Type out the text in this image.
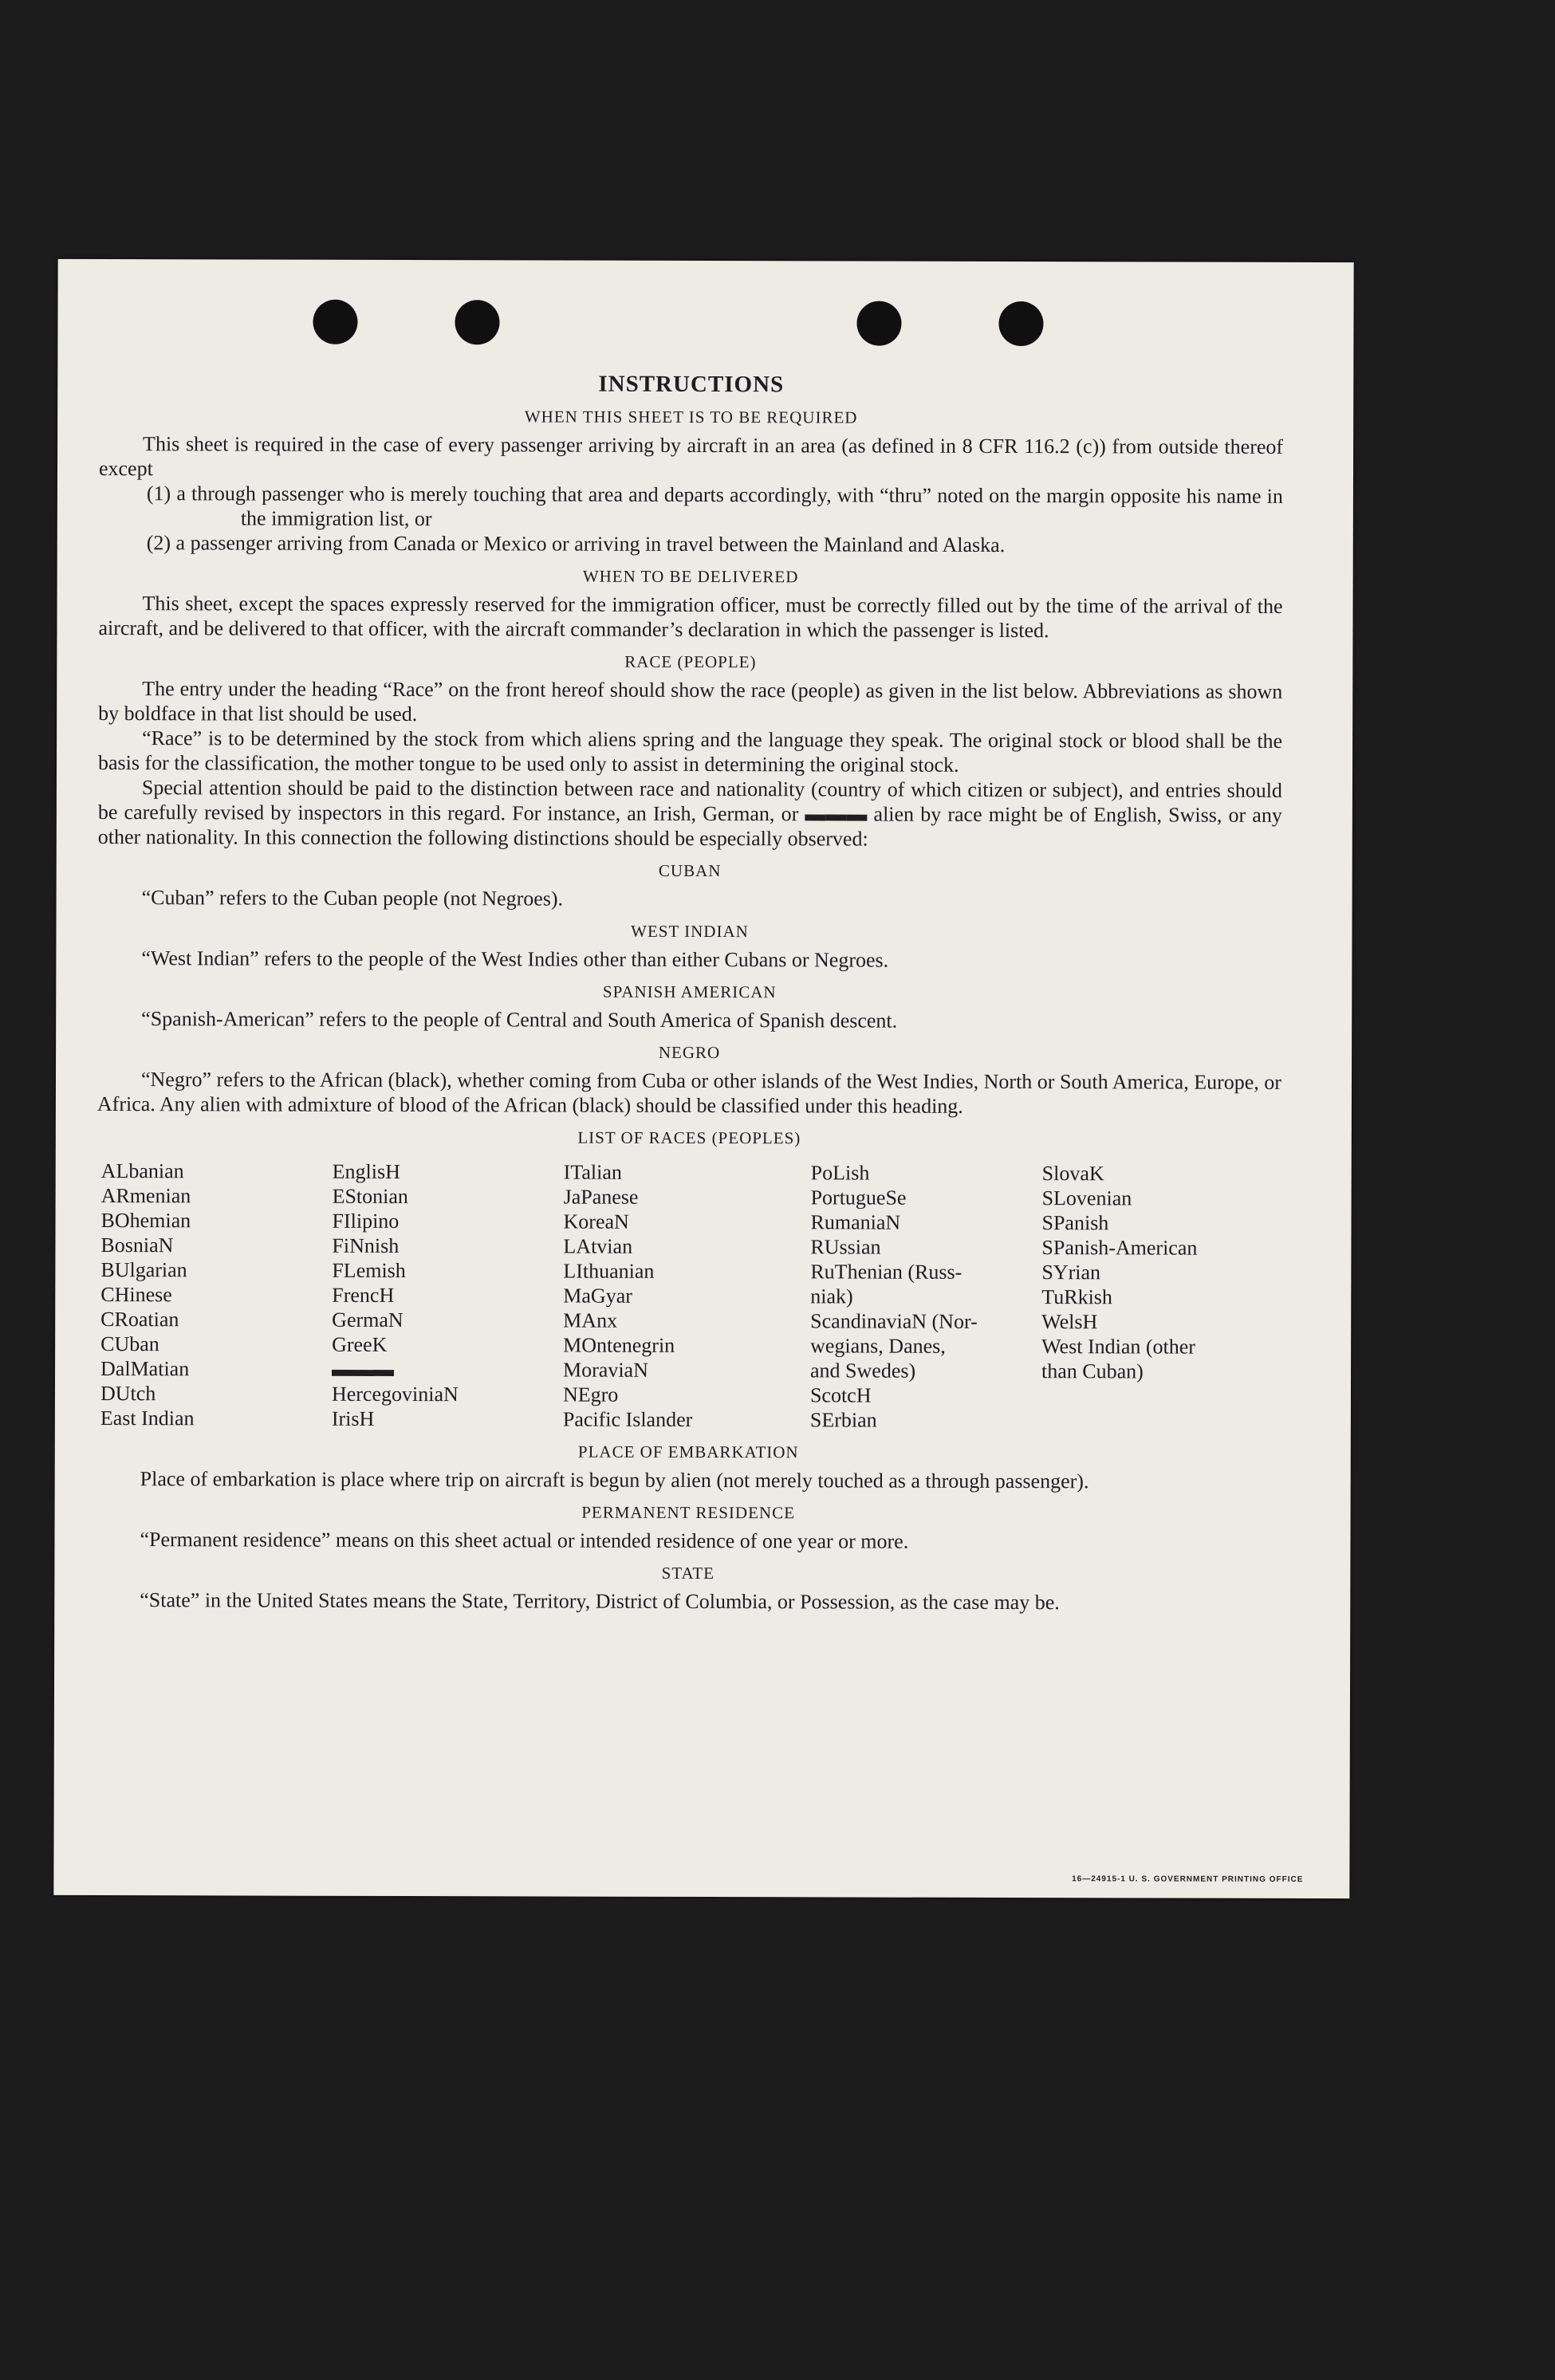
INSTRUCTIONS
WHEN THIS SHEET IS TO BE REQUIRED

This sheet is required in the case of every passenger arriving by aircraft in an area (as defined in 8 CFR 116.2 (c)) from outside thereof except

(1) a through passenger who is merely touching that area and departs accordingly, with “thru” noted on the margin opposite his name in the immigration list, or

(2) a passenger arriving from Canada or Mexico or arriving in travel between the Mainland and Alaska.

WHEN TO BE DELIVERED

This sheet, except the spaces expressly reserved for the immigration officer, must be correctly filled out by the time of the arrival of the aircraft, and be delivered to that officer, with the aircraft commander’s declaration in which the passenger is listed.

RACE (PEOPLE)

The entry under the heading “Race” on the front hereof should show the race (people) as given in the list below. Abbreviations as shown by boldface in that list should be used.

“Race” is to be determined by the stock from which aliens spring and the language they speak. The original stock or blood shall be the basis for the classification, the mother tongue to be used only to assist in determining the original stock.

Special attention should be paid to the distinction between race and nationality (country of which citizen or subject), and entries should be carefully revised by inspectors in this regard. For instance, an Irish, German, or ▬▬▬ alien by race might be of English, Swiss, or any other nationality. In this connection the following distinctions should be especially observed:

CUBAN

“Cuban” refers to the Cuban people (not Negroes).

WEST INDIAN

“West Indian” refers to the people of the West Indies other than either Cubans or Negroes.

SPANISH AMERICAN

“Spanish-American” refers to the people of Central and South America of Spanish descent.

NEGRO

“Negro” refers to the African (black), whether coming from Cuba or other islands of the West Indies, North or South America, Europe, or Africa. Any alien with admixture of blood of the African (black) should be classified under this heading.

LIST OF RACES (PEOPLES)
ALbanian	EnglisH	ITalian	PoLish	SlovaK
ARmenian	EStonian	JaPanese	PortugueSe	SLovenian
BOhemian	FIlipino	KoreaN	RumaniaN	SPanish
BosniaN	FiNnish	LAtvian	RUssian	SPanish-American
BUlgarian	FLemish	LIthuanian	RuThenian (Russ-	SYrian
CHinese	FrencH	MaGyar	niak)	TuRkish
CRoatian	GermaN	MAnx	ScandinaviaN (Nor-	WelsH
CUban	GreeK	MOntenegrin	wegians, Danes,	West Indian (other
DalMatian	▬▬▬	MoraviaN	and Swedes)	than Cuban)
DUtch	HercegoviniaN	NEgro	ScotcH
East Indian	IrisH	Pacific Islander	SErbian
PLACE OF EMBARKATION

Place of embarkation is place where trip on aircraft is begun by alien (not merely touched as a through passenger).

PERMANENT RESIDENCE

“Permanent residence” means on this sheet actual or intended residence of one year or more.

STATE

“State” in the United States means the State, Territory, District of Columbia, or Possession, as the case may be.

16—24915-1 U. S. GOVERNMENT PRINTING OFFICE
